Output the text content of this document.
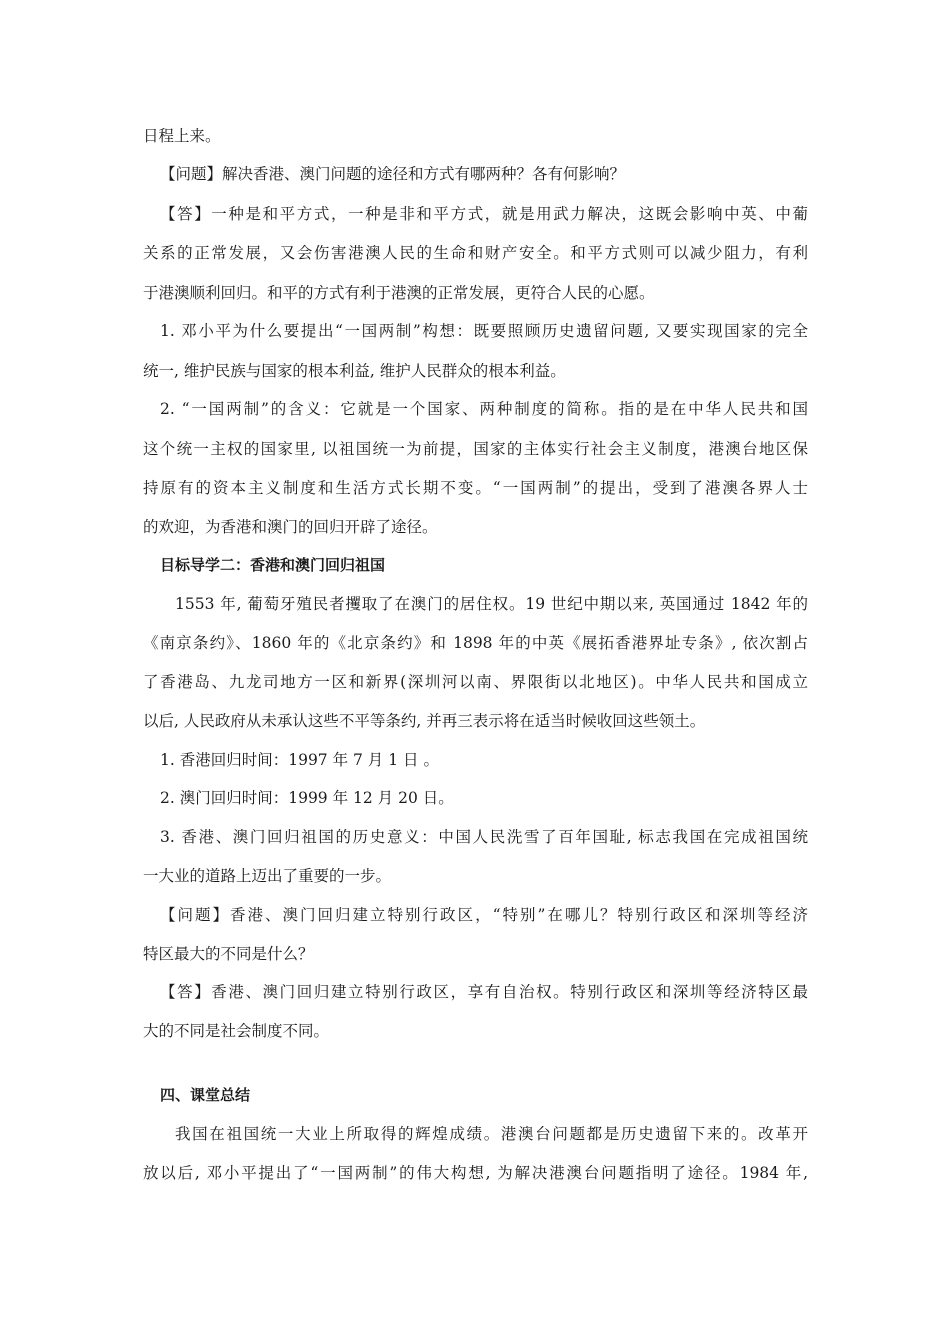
日程上来。
【问题】解决香港、澳门问题的途径和方式有哪两种？各有何影响？
【答】一种是和平方式，一种是非和平方式，就是用武力解决，这既会影响中英、中葡
关系的正常发展，又会伤害港澳人民的生命和财产安全。和平方式则可以减少阻力，有利
于港澳顺利回归。和平的方式有利于港澳的正常发展，更符合人民的心愿。
1. 邓小平为什么要提出“一国两制”构想：既要照顾历史遗留问题, 又要实现国家的完全
统一, 维护民族与国家的根本利益, 维护人民群众的根本利益。
2. “一国两制”的含义：它就是一个国家、两种制度的简称。指的是在中华人民共和国
这个统一主权的国家里, 以祖国统一为前提，国家的主体实行社会主义制度，港澳台地区保
持原有的资本主义制度和生活方式长期不变。“一国两制”的提出，受到了港澳各界人士
的欢迎，为香港和澳门的回归开辟了途径。
目标导学二：香港和澳门回归祖国
1553 年, 葡萄牙殖民者攫取了在澳门的居住权。19 世纪中期以来, 英国通过 1842 年的
《南京条约》、1860 年的《北京条约》和 1898 年的中英《展拓香港界址专条》, 依次割占
了香港岛、九龙司地方一区和新界(深圳河以南、界限街以北地区)。中华人民共和国成立
以后, 人民政府从未承认这些不平等条约, 并再三表示将在适当时候收回这些领土。
1. 香港回归时间：1997 年 7 月 1 日 。
2. 澳门回归时间：1999 年 12 月 20 日。
3. 香港、澳门回归祖国的历史意义：中国人民洗雪了百年国耻, 标志我国在完成祖国统
一大业的道路上迈出了重要的一步。
【问题】香港、澳门回归建立特别行政区，“特别”在哪儿？特别行政区和深圳等经济
特区最大的不同是什么？
【答】香港、澳门回归建立特别行政区，享有自治权。特别行政区和深圳等经济特区最
大的不同是社会制度不同。
四、课堂总结
我国在祖国统一大业上所取得的辉煌成绩。港澳台问题都是历史遗留下来的。改革开
放以后, 邓小平提出了“一国两制”的伟大构想, 为解决港澳台问题指明了途径。1984 年,
